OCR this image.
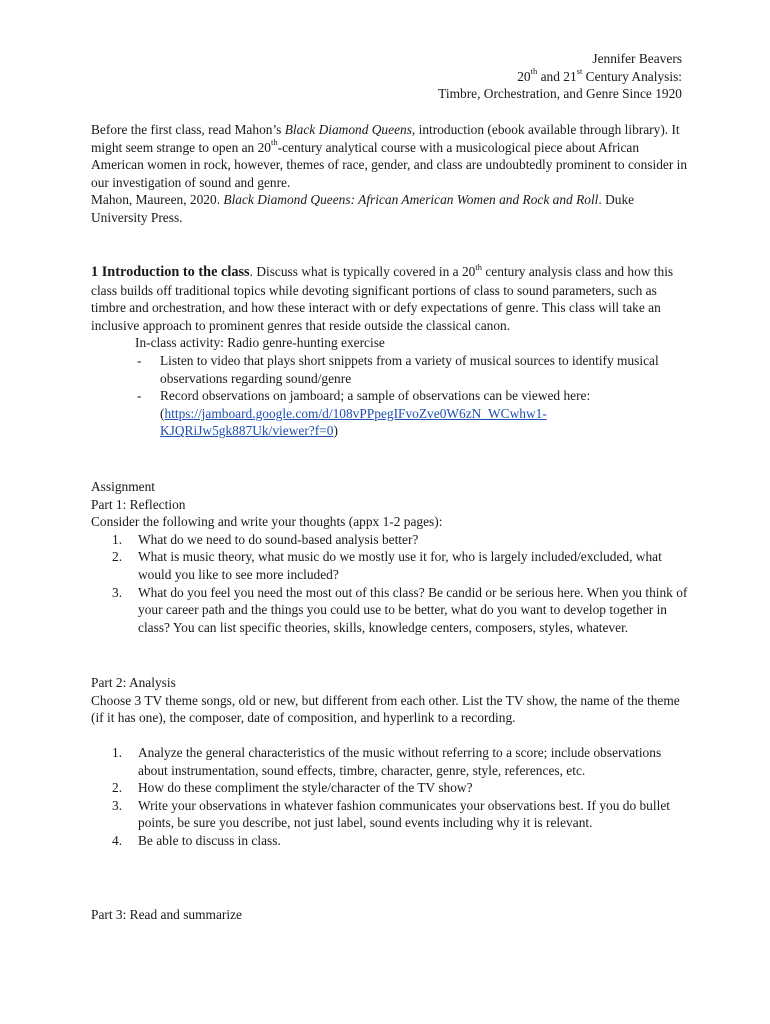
Jennifer Beavers

20th and 21st Century Analysis:

Timbre, Orchestration, and Genre Since 1920

Before the first class, read Mahon’s Black Diamond Queens, introduction (ebook available through library). It might seem strange to open an 20th-century analytical course with a musicological piece about African American women in rock, however, themes of race, gender, and class are undoubtedly prominent to consider in our investigation of sound and genre.

Mahon, Maureen, 2020. Black Diamond Queens: African American Women and Rock and Roll. Duke University Press.

1 Introduction to the class. Discuss what is typically covered in a 20th century analysis class and how this class builds off traditional topics while devoting significant portions of class to sound parameters, such as timbre and orchestration, and how these interact with or defy expectations of genre. This class will take an inclusive approach to prominent genres that reside outside the classical canon.

In-class activity: Radio genre-hunting exercise

- Listen to video that plays short snippets from a variety of musical sources to identify musical observations regarding sound/genre
- Record observations on jamboard; a sample of observations can be viewed here:
(https://jamboard.google.com/d/108vPPpegIFvoZve0W6zN_WCwhw1-KJQRiJw5gk887Uk/viewer?f=0)

Assignment

Part 1: Reflection

Consider the following and write your thoughts (appx 1-2 pages):

1. What do we need to do sound-based analysis better?
2. What is music theory, what music do we mostly use it for, who is largely included/excluded, what would you like to see more included?
3. What do you feel you need the most out of this class? Be candid or be serious here. When you think of your career path and the things you could use to be better, what do you want to develop together in class? You can list specific theories, skills, knowledge centers, composers, styles, whatever.

Part 2: Analysis

Choose 3 TV theme songs, old or new, but different from each other. List the TV show, the name of the theme (if it has one), the composer, date of composition, and hyperlink to a recording.

1. Analyze the general characteristics of the music without referring to a score; include observations about instrumentation, sound effects, timbre, character, genre, style, references, etc.
2. How do these compliment the style/character of the TV show?
3. Write your observations in whatever fashion communicates your observations best. If you do bullet points, be sure you describe, not just label, sound events including why it is relevant.
4. Be able to discuss in class.

Part 3: Read and summarize
